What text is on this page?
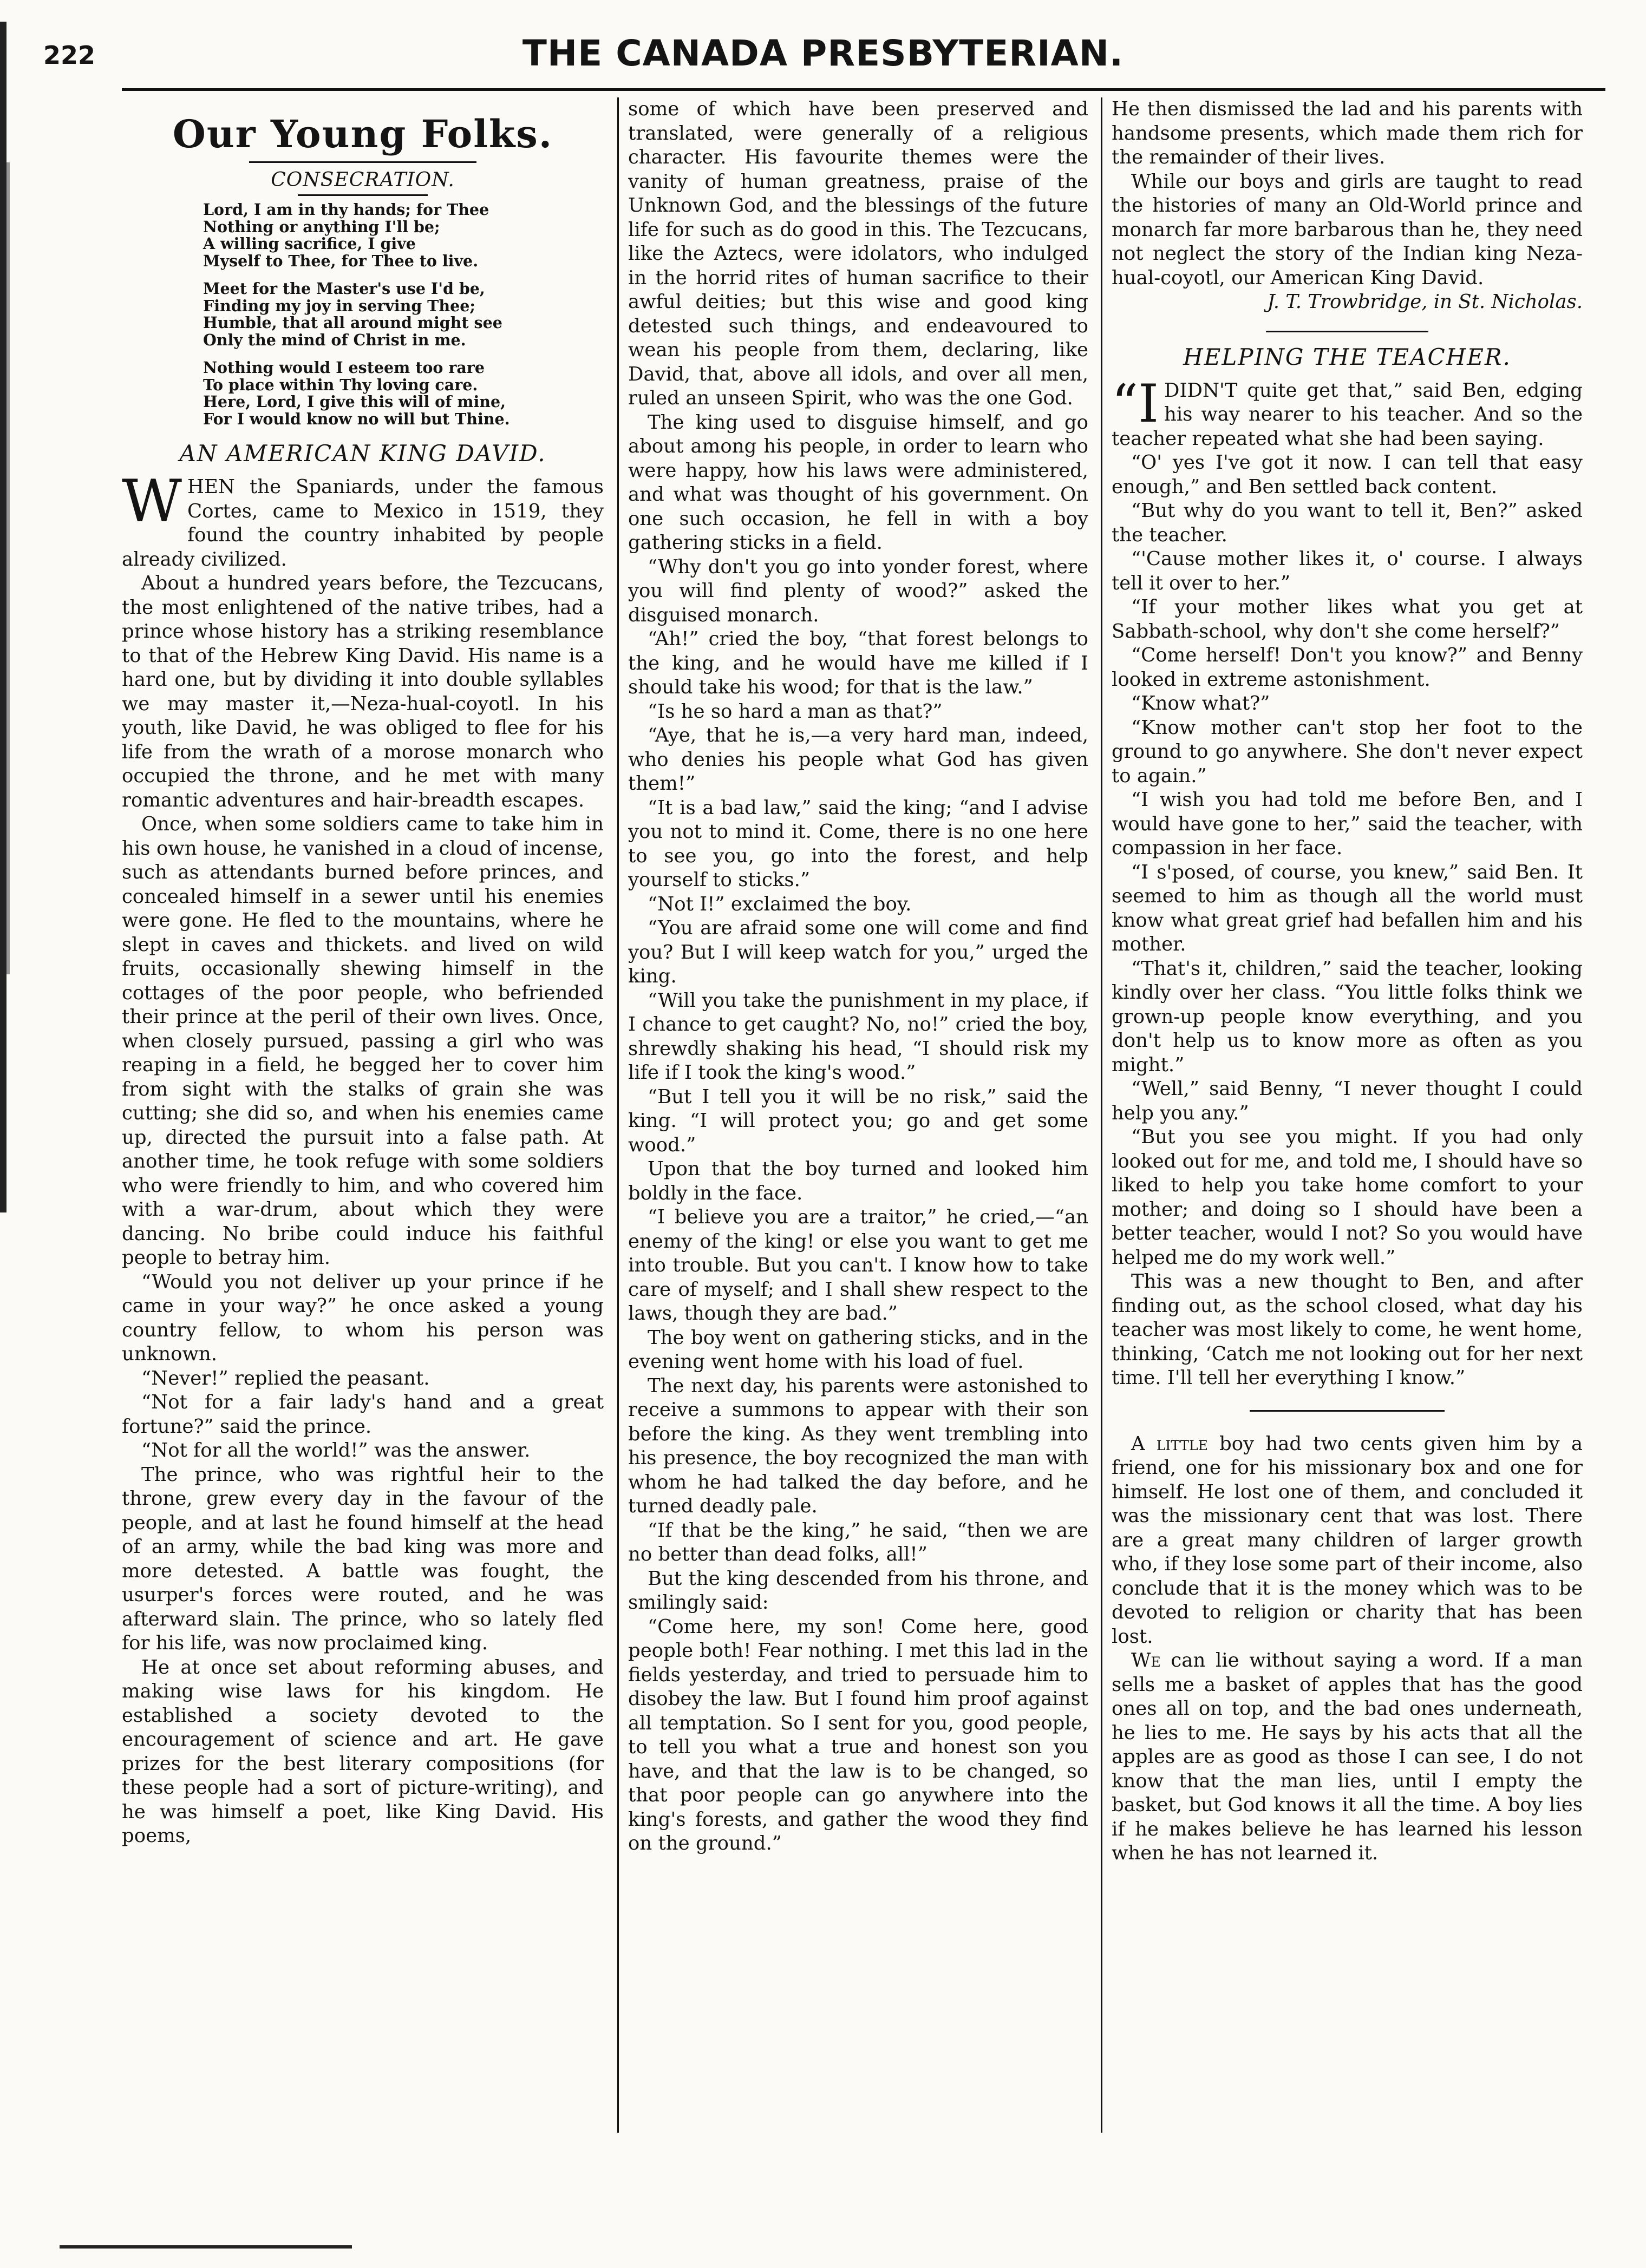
222	THE CANADA PRESBYTERIAN.
Our Young Folks.
CONSECRATION.
Lord, I am in thy hands; for Thee
Nothing or anything I'll be;
A willing sacrifice, I give
Myself to Thee, for Thee to live.
Meet for the Master's use I'd be,
Finding my joy in serving Thee;
Humble, that all around might see
Only the mind of Christ in me.
Nothing would I esteem too rare
To place within Thy loving care.
Here, Lord, I give this will of mine,
For I would know no will but Thine.
AN AMERICAN KING DAVID.

WHEN the Spaniards, under the famous Cortes, came to Mexico in 1519, they found the country inhabited by people already civilized.

About a hundred years before, the Tezcucans, the most enlightened of the native tribes, had a prince whose history has a striking resemblance to that of the Hebrew King David. His name is a hard one, but by dividing it into double syllables we may master it,—Neza-hual-coyotl. In his youth, like David, he was obliged to flee for his life from the wrath of a morose monarch who occupied the throne, and he met with many romantic adventures and hair-breadth escapes.

Once, when some soldiers came to take him in his own house, he vanished in a cloud of incense, such as attendants burned before princes, and concealed himself in a sewer until his enemies were gone. He fled to the mountains, where he slept in caves and thickets. and lived on wild fruits, occasionally shewing himself in the cottages of the poor people, who befriended their prince at the peril of their own lives. Once, when closely pursued, passing a girl who was reaping in a field, he begged her to cover him from sight with the stalks of grain she was cutting; she did so, and when his enemies came up, directed the pursuit into a false path. At another time, he took refuge with some soldiers who were friendly to him, and who covered him with a war-drum, about which they were dancing. No bribe could induce his faithful people to betray him.

“Would you not deliver up your prince if he came in your way?” he once asked a young country fellow, to whom his person was unknown.

“Never!” replied the peasant.

“Not for a fair lady's hand and a great fortune?” said the prince.

“Not for all the world!” was the answer.

The prince, who was rightful heir to the throne, grew every day in the favour of the people, and at last he found himself at the head of an army, while the bad king was more and more detested. A battle was fought, the usurper's forces were routed, and he was afterward slain. The prince, who so lately fled for his life, was now proclaimed king.

He at once set about reforming abuses, and making wise laws for his kingdom. He established a society devoted to the encouragement of science and art. He gave prizes for the best literary compositions (for these people had a sort of picture-writing), and he was himself a poet, like King David. His poems,

some of which have been preserved and translated, were generally of a religious character. His favourite themes were the vanity of human greatness, praise of the Unknown God, and the blessings of the future life for such as do good in this. The Tezcucans, like the Aztecs, were idolators, who indulged in the horrid rites of human sacrifice to their awful deities; but this wise and good king detested such things, and endeavoured to wean his people from them, declaring, like David, that, above all idols, and over all men, ruled an unseen Spirit, who was the one God.

The king used to disguise himself, and go about among his people, in order to learn who were happy, how his laws were administered, and what was thought of his government. On one such occasion, he fell in with a boy gathering sticks in a field.

“Why don't you go into yonder forest, where you will find plenty of wood?” asked the disguised monarch.

“Ah!” cried the boy, “that forest belongs to the king, and he would have me killed if I should take his wood; for that is the law.”

“Is he so hard a man as that?”

“Aye, that he is,—a very hard man, indeed, who denies his people what God has given them!”

“It is a bad law,” said the king; “and I advise you not to mind it. Come, there is no one here to see you, go into the forest, and help yourself to sticks.”

“Not I!” exclaimed the boy.

“You are afraid some one will come and find you? But I will keep watch for you,” urged the king.

“Will you take the punishment in my place, if I chance to get caught? No, no!” cried the boy, shrewdly shaking his head, “I should risk my life if I took the king's wood.”

“But I tell you it will be no risk,” said the king. “I will protect you; go and get some wood.”

Upon that the boy turned and looked him boldly in the face.

“I believe you are a traitor,” he cried,—“an enemy of the king! or else you want to get me into trouble. But you can't. I know how to take care of myself; and I shall shew respect to the laws, though they are bad.”

The boy went on gathering sticks, and in the evening went home with his load of fuel.

The next day, his parents were astonished to receive a summons to appear with their son before the king. As they went trembling into his presence, the boy recognized the man with whom he had talked the day before, and he turned deadly pale.

“If that be the king,” he said, “then we are no better than dead folks, all!”

But the king descended from his throne, and smilingly said:

“Come here, my son! Come here, good people both! Fear nothing. I met this lad in the fields yesterday, and tried to persuade him to disobey the law. But I found him proof against all temptation. So I sent for you, good people, to tell you what a true and honest son you have, and that the law is to be changed, so that poor people can go anywhere into the king's forests, and gather the wood they find on the ground.”

He then dismissed the lad and his parents with handsome presents, which made them rich for the remainder of their lives.

While our boys and girls are taught to read the histories of many an Old-World prince and monarch far more barbarous than he, they need not neglect the story of the Indian king Neza-hual-coyotl, our American King David.

J. T. Trowbridge, in St. Nicholas.

HELPING THE TEACHER.

“I DIDN'T quite get that,” said Ben, edging his way nearer to his teacher. And so the teacher repeated what she had been saying.

“O' yes I've got it now. I can tell that easy enough,” and Ben settled back content.

“But why do you want to tell it, Ben?” asked the teacher.

“'Cause mother likes it, o' course. I always tell it over to her.”

“If your mother likes what you get at Sabbath-school, why don't she come herself?”

“Come herself! Don't you know?” and Benny looked in extreme astonishment.

“Know what?”

“Know mother can't stop her foot to the ground to go anywhere. She don't never expect to again.”

“I wish you had told me before Ben, and I would have gone to her,” said the teacher, with compassion in her face.

“I s'posed, of course, you knew,” said Ben. It seemed to him as though all the world must know what great grief had befallen him and his mother.

“That's it, children,” said the teacher, looking kindly over her class. “You little folks think we grown-up people know everything, and you don't help us to know more as often as you might.”

“Well,” said Benny, “I never thought I could help you any.”

“But you see you might. If you had only looked out for me, and told me, I should have so liked to help you take home comfort to your mother; and doing so I should have been a better teacher, would I not? So you would have helped me do my work well.”

This was a new thought to Ben, and after finding out, as the school closed, what day his teacher was most likely to come, he went home, thinking, ‘Catch me not looking out for her next time. I'll tell her everything I know.”

A little boy had two cents given him by a friend, one for his missionary box and one for himself. He lost one of them, and concluded it was the missionary cent that was lost. There are a great many children of larger growth who, if they lose some part of their income, also conclude that it is the money which was to be devoted to religion or charity that has been lost.

We can lie without saying a word. If a man sells me a basket of apples that has the good ones all on top, and the bad ones underneath, he lies to me. He says by his acts that all the apples are as good as those I can see, I do not know that the man lies, until I empty the basket, but God knows it all the time. A boy lies if he makes believe he has learned his lesson when he has not learned it.
